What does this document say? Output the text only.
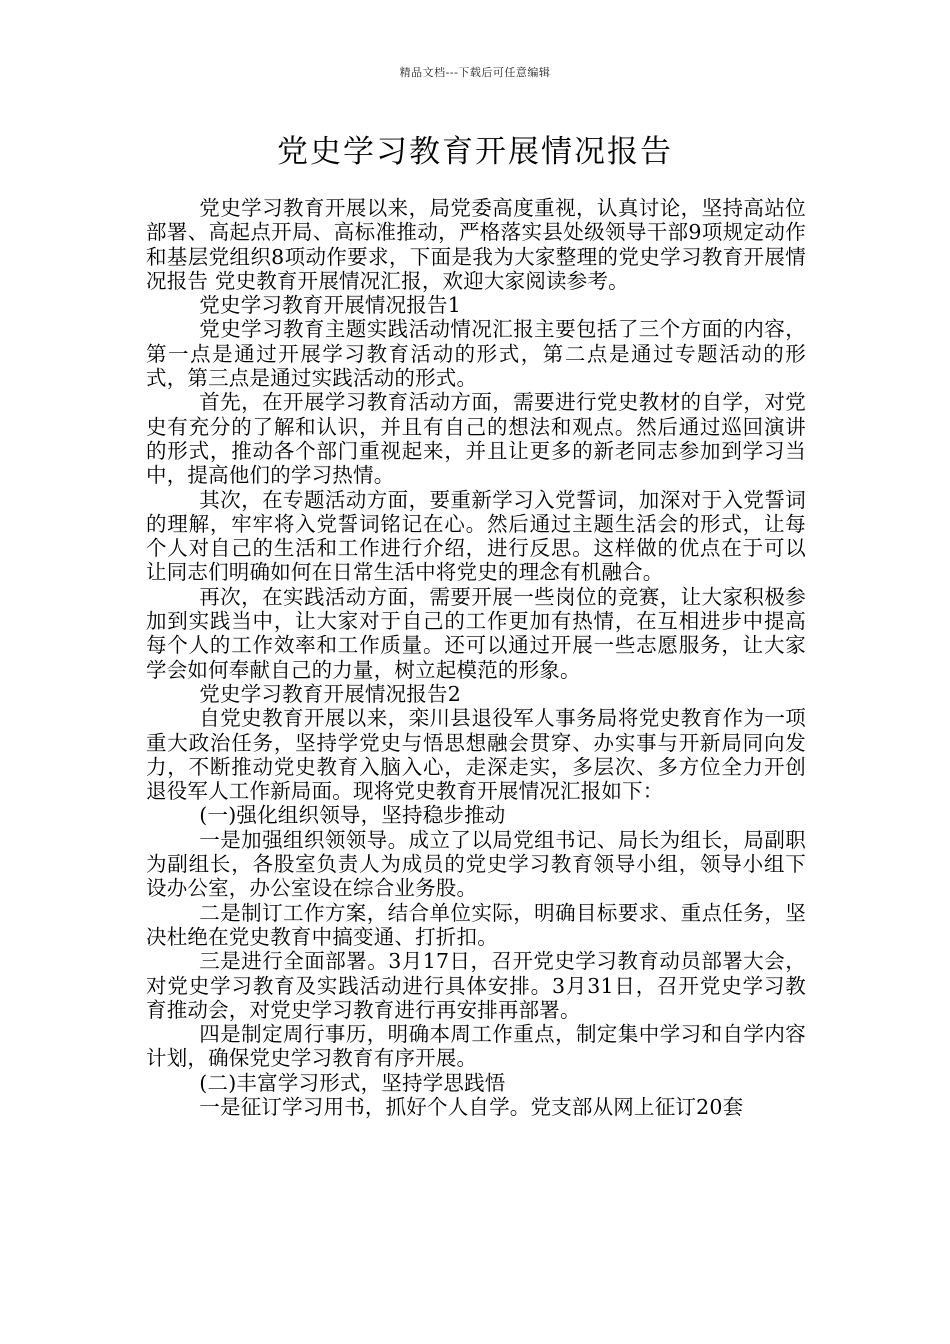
精品文档---下载后可任意编辑
党史学习教育开展情况报告

党史学习教育开展以来，局党委高度重视，认真讨论，坚持高站位部署、高起点开局、高标准推动，严格落实县处级领导干部9项规定动作和基层党组织8项动作要求，下面是我为大家整理的党史学习教育开展情况报告 党史教育开展情况汇报，欢迎大家阅读参考。

党史学习教育开展情况报告1

党史学习教育主题实践活动情况汇报主要包括了三个方面的内容，第一点是通过开展学习教育活动的形式，第二点是通过专题活动的形式，第三点是通过实践活动的形式。

首先，在开展学习教育活动方面，需要进行党史教材的自学，对党史有充分的了解和认识，并且有自己的想法和观点。然后通过巡回演讲的形式，推动各个部门重视起来，并且让更多的新老同志参加到学习当中，提高他们的学习热情。

其次，在专题活动方面，要重新学习入党誓词，加深对于入党誓词的理解，牢牢将入党誓词铭记在心。然后通过主题生活会的形式，让每个人对自己的生活和工作进行介绍，进行反思。这样做的优点在于可以让同志们明确如何在日常生活中将党史的理念有机融合。

再次，在实践活动方面，需要开展一些岗位的竞赛，让大家积极参加到实践当中，让大家对于自己的工作更加有热情，在互相进步中提高每个人的工作效率和工作质量。还可以通过开展一些志愿服务，让大家学会如何奉献自己的力量，树立起模范的形象。

党史学习教育开展情况报告2

自党史教育开展以来，栾川县退役军人事务局将党史教育作为一项重大政治任务，坚持学党史与悟思想融会贯穿、办实事与开新局同向发力，不断推动党史教育入脑入心，走深走实，多层次、多方位全力开创退役军人工作新局面。现将党史教育开展情况汇报如下：

(一)强化组织领导，坚持稳步推动

一是加强组织领领导。成立了以局党组书记、局长为组长，局副职为副组长，各股室负责人为成员的党史学习教育领导小组，领导小组下设办公室，办公室设在综合业务股。

二是制订工作方案，结合单位实际，明确目标要求、重点任务，坚决杜绝在党史教育中搞变通、打折扣。

三是进行全面部署。3月17日，召开党史学习教育动员部署大会，对党史学习教育及实践活动进行具体安排。3月31日，召开党史学习教育推动会，对党史学习教育进行再安排再部署。

四是制定周行事历，明确本周工作重点，制定集中学习和自学内容计划，确保党史学习教育有序开展。

(二)丰富学习形式，坚持学思践悟

一是征订学习用书，抓好个人自学。党支部从网上征订20套
